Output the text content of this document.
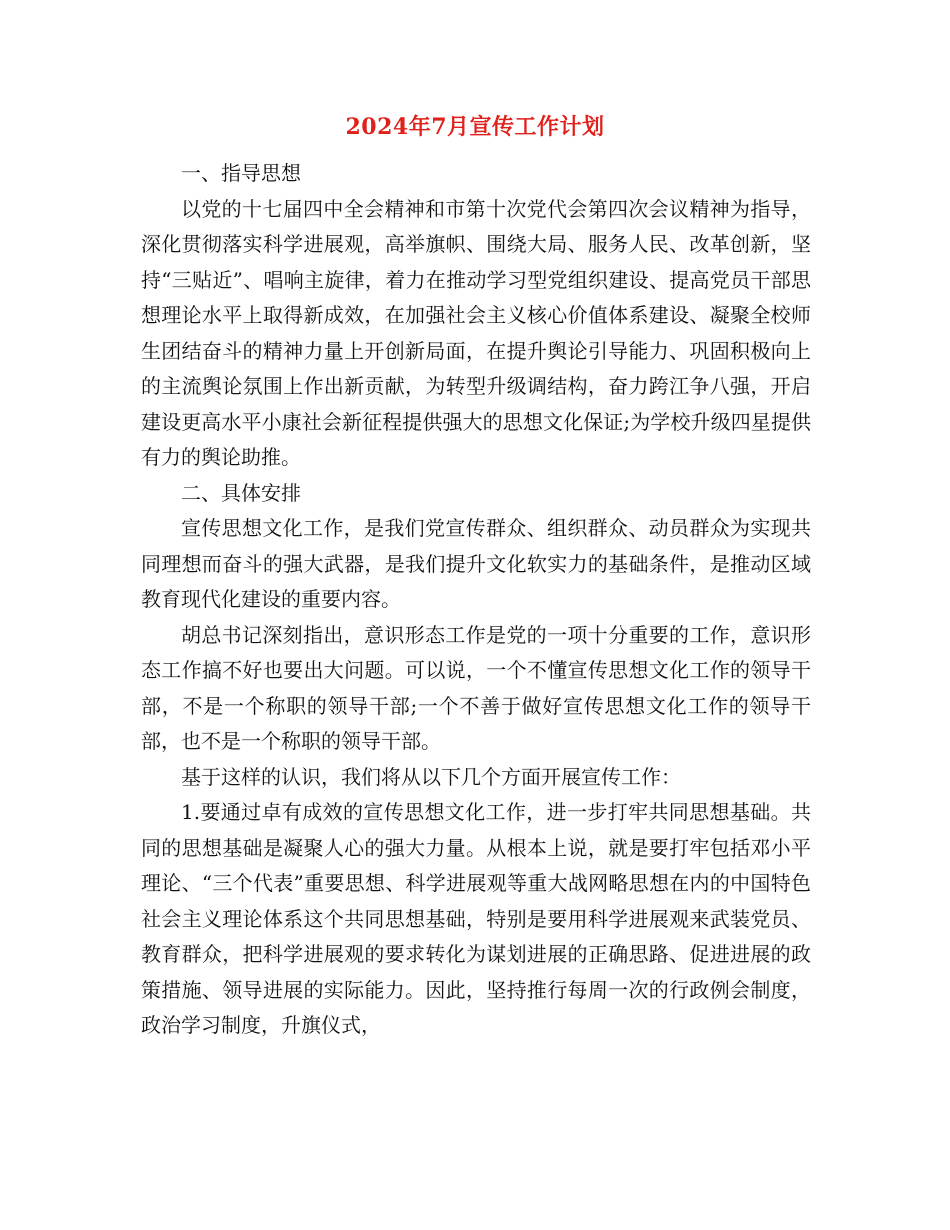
2024年7月宣传工作计划

一、指导思想

以党的十七届四中全会精神和市第十次党代会第四次会议精神为指导，深化贯彻落实科学进展观，高举旗帜、围绕大局、服务人民、改革创新，坚持“三贴近”、唱响主旋律，着力在推动学习型党组织建设、提高党员干部思想理论水平上取得新成效，在加强社会主义核心价值体系建设、凝聚全校师生团结奋斗的精神力量上开创新局面，在提升舆论引导能力、巩固积极向上的主流舆论氛围上作出新贡献，为转型升级调结构，奋力跨江争八强，开启建设更高水平小康社会新征程提供强大的思想文化保证;为学校升级四星提供有力的舆论助推。

二、具体安排

宣传思想文化工作，是我们党宣传群众、组织群众、动员群众为实现共同理想而奋斗的强大武器，是我们提升文化软实力的基础条件，是推动区域教育现代化建设的重要内容。

胡总书记深刻指出，意识形态工作是党的一项十分重要的工作，意识形态工作搞不好也要出大问题。可以说，一个不懂宣传思想文化工作的领导干部，不是一个称职的领导干部;一个不善于做好宣传思想文化工作的领导干部，也不是一个称职的领导干部。

基于这样的认识，我们将从以下几个方面开展宣传工作：

1.要通过卓有成效的宣传思想文化工作，进一步打牢共同思想基础。共同的思想基础是凝聚人心的强大力量。从根本上说，就是要打牢包括邓小平理论、“三个代表”重要思想、科学进展观等重大战网略思想在内的中国特色社会主义理论体系这个共同思想基础，特别是要用科学进展观来武装党员、教育群众，把科学进展观的要求转化为谋划进展的正确思路、促进进展的政策措施、领导进展的实际能力。因此，坚持推行每周一次的行政例会制度，政治学习制度，升旗仪式，
